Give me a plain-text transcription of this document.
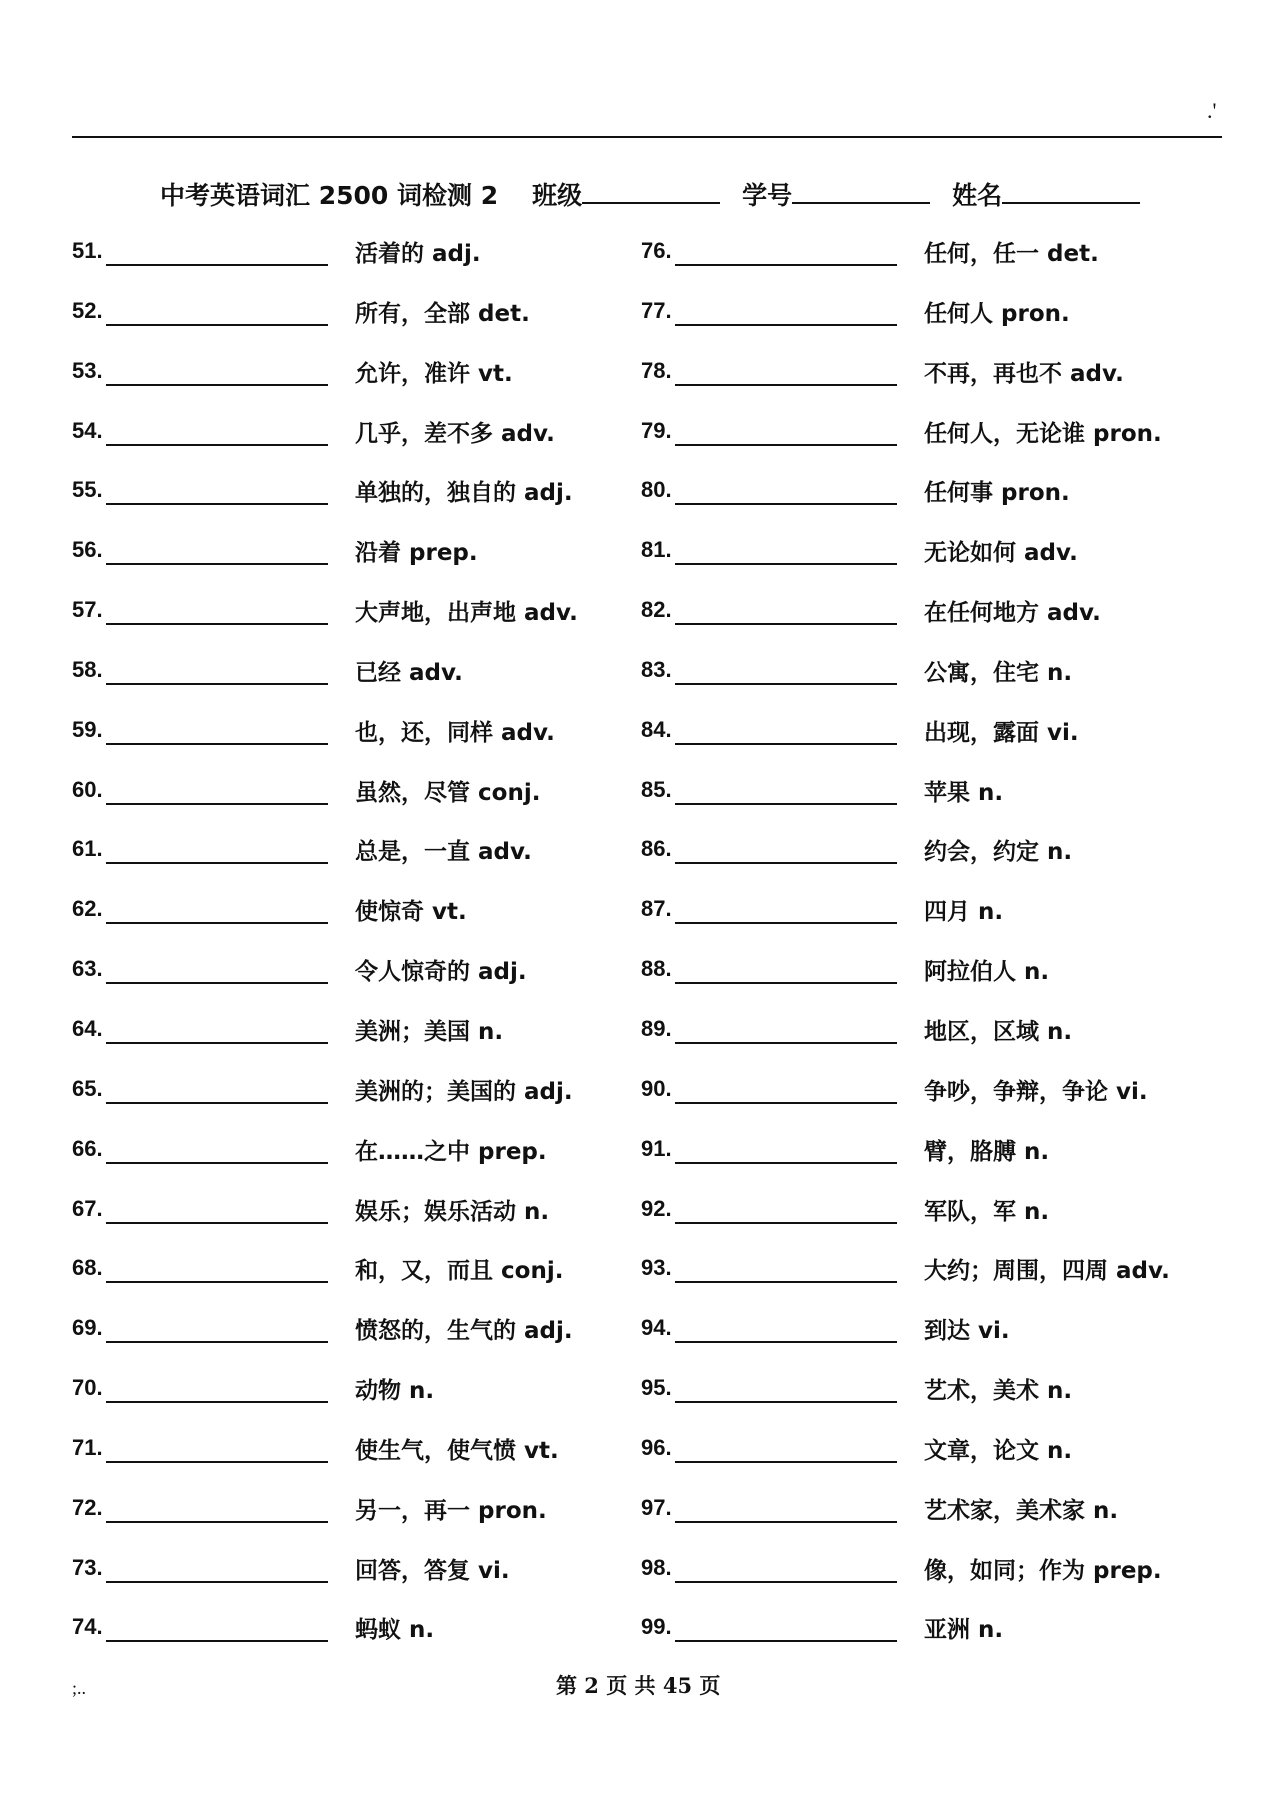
.'
中考英语词汇 2500 词检测 2 班级	学号	姓名
51.	活着的 adj.
52.	所有，全部 det.
53.	允许，准许 vt.
54.	几乎，差不多 adv.
55.	单独的，独自的 adj.
56.	沿着 prep.
57.	大声地，出声地 adv.
58.	已经 adv.
59.	也，还，同样 adv.
60.	虽然，尽管 conj.
61.	总是，一直 adv.
62.	使惊奇 vt.
63.	令人惊奇的 adj.
64.	美洲；美国 n.
65.	美洲的；美国的 adj.
66.	在……之中 prep.
67.	娱乐；娱乐活动 n.
68.	和，又，而且 conj.
69.	愤怒的，生气的 adj.
70.	动物 n.
71.	使生气，使气愤 vt.
72.	另一，再一 pron.
73.	回答，答复 vi.
74.	蚂蚁 n.
76.	任何，任一 det.
77.	任何人 pron.
78.	不再，再也不 adv.
79.	任何人，无论谁 pron.
80.	任何事 pron.
81.	无论如何 adv.
82.	在任何地方 adv.
83.	公寓，住宅 n.
84.	出现，露面 vi.
85.	苹果 n.
86.	约会，约定 n.
87.	四月 n.
88.	阿拉伯人 n.
89.	地区，区域 n.
90.	争吵，争辩，争论 vi.
91.	臂，胳膊 n.
92.	军队，军 n.
93.	大约；周围，四周 adv.
94.	到达 vi.
95.	艺术，美术 n.
96.	文章，论文 n.
97.	艺术家，美术家 n.
98.	像，如同；作为 prep.
99.	亚洲 n.
;..	第 2 页 共 45 页
